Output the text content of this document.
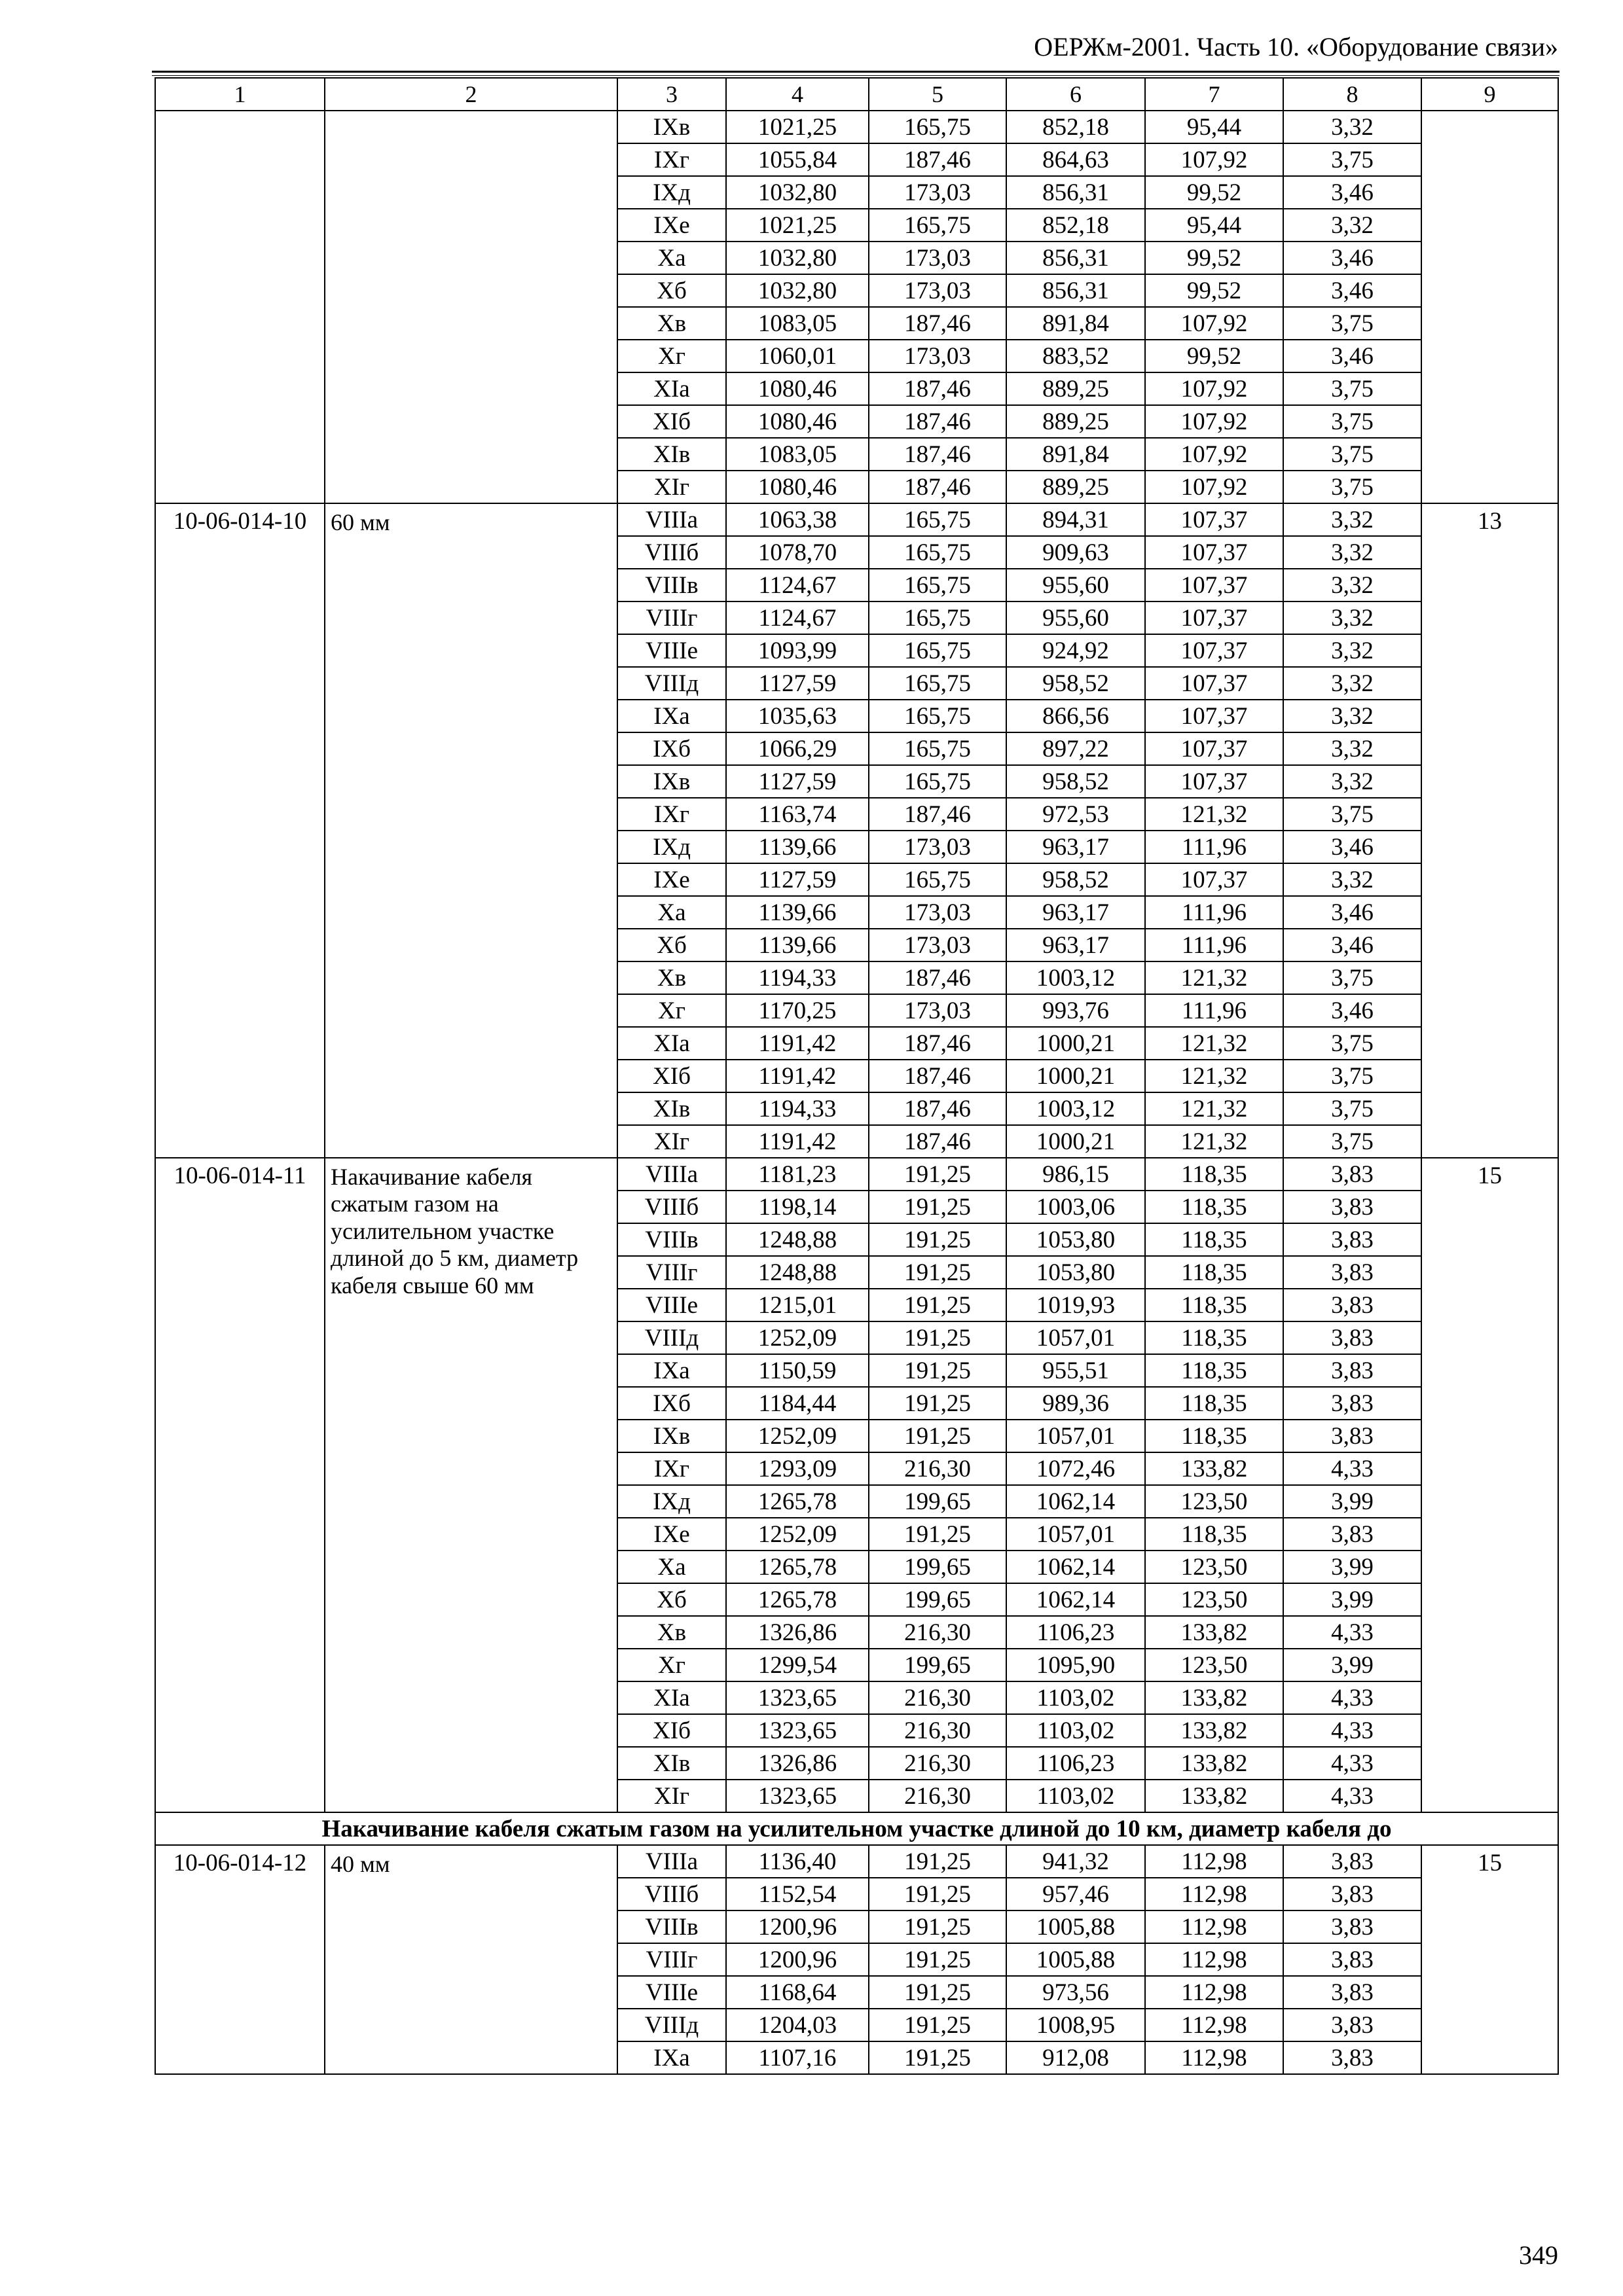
ОЕРЖм-2001. Часть 10. «Оборудование связи»
1	2	3	4	5	6	7	8	9
		IXв	1021,25	165,75	852,18	95,44	3,32	
		IXг	1055,84	187,46	864,63	107,92	3,75	
		IXд	1032,80	173,03	856,31	99,52	3,46	
		IXе	1021,25	165,75	852,18	95,44	3,32	
		Xа	1032,80	173,03	856,31	99,52	3,46	
		Xб	1032,80	173,03	856,31	99,52	3,46	
		Xв	1083,05	187,46	891,84	107,92	3,75	
		Xг	1060,01	173,03	883,52	99,52	3,46	
		XIа	1080,46	187,46	889,25	107,92	3,75	
		XIб	1080,46	187,46	889,25	107,92	3,75	
		XIв	1083,05	187,46	891,84	107,92	3,75	
		XIг	1080,46	187,46	889,25	107,92	3,75	
10-06-014-10	60 мм	VIIIа	1063,38	165,75	894,31	107,37	3,32	13
		VIIIб	1078,70	165,75	909,63	107,37	3,32	
		VIIIв	1124,67	165,75	955,60	107,37	3,32	
		VIIIг	1124,67	165,75	955,60	107,37	3,32	
		VIIIе	1093,99	165,75	924,92	107,37	3,32	
		VIIIд	1127,59	165,75	958,52	107,37	3,32	
		IXа	1035,63	165,75	866,56	107,37	3,32	
		IXб	1066,29	165,75	897,22	107,37	3,32	
		IXв	1127,59	165,75	958,52	107,37	3,32	
		IXг	1163,74	187,46	972,53	121,32	3,75	
		IXд	1139,66	173,03	963,17	111,96	3,46	
		IXе	1127,59	165,75	958,52	107,37	3,32	
		Xа	1139,66	173,03	963,17	111,96	3,46	
		Xб	1139,66	173,03	963,17	111,96	3,46	
		Xв	1194,33	187,46	1003,12	121,32	3,75	
		Xг	1170,25	173,03	993,76	111,96	3,46	
		XIа	1191,42	187,46	1000,21	121,32	3,75	
		XIб	1191,42	187,46	1000,21	121,32	3,75	
		XIв	1194,33	187,46	1003,12	121,32	3,75	
		XIг	1191,42	187,46	1000,21	121,32	3,75	
10-06-014-11	Накачивание кабеля сжатым газом на усилительном участке длиной до 5 км, диаметр кабеля свыше 60 мм	VIIIа	1181,23	191,25	986,15	118,35	3,83	15
		VIIIб	1198,14	191,25	1003,06	118,35	3,83	
		VIIIв	1248,88	191,25	1053,80	118,35	3,83	
		VIIIг	1248,88	191,25	1053,80	118,35	3,83	
		VIIIе	1215,01	191,25	1019,93	118,35	3,83	
		VIIIд	1252,09	191,25	1057,01	118,35	3,83	
		IXа	1150,59	191,25	955,51	118,35	3,83	
		IXб	1184,44	191,25	989,36	118,35	3,83	
		IXв	1252,09	191,25	1057,01	118,35	3,83	
		IXг	1293,09	216,30	1072,46	133,82	4,33	
		IXд	1265,78	199,65	1062,14	123,50	3,99	
		IXе	1252,09	191,25	1057,01	118,35	3,83	
		Xа	1265,78	199,65	1062,14	123,50	3,99	
		Xб	1265,78	199,65	1062,14	123,50	3,99	
		Xв	1326,86	216,30	1106,23	133,82	4,33	
		Xг	1299,54	199,65	1095,90	123,50	3,99	
		XIа	1323,65	216,30	1103,02	133,82	4,33	
		XIб	1323,65	216,30	1103,02	133,82	4,33	
		XIв	1326,86	216,30	1106,23	133,82	4,33	
		XIг	1323,65	216,30	1103,02	133,82	4,33	
Накачивание кабеля сжатым газом на усилительном участке длиной до 10 км, диаметр кабеля до								
10-06-014-12	40 мм	VIIIа	1136,40	191,25	941,32	112,98	3,83	15
		VIIIб	1152,54	191,25	957,46	112,98	3,83	
		VIIIв	1200,96	191,25	1005,88	112,98	3,83	
		VIIIг	1200,96	191,25	1005,88	112,98	3,83	
		VIIIе	1168,64	191,25	973,56	112,98	3,83	
		VIIIд	1204,03	191,25	1008,95	112,98	3,83	
		IXа	1107,16	191,25	912,08	112,98	3,83	
349
